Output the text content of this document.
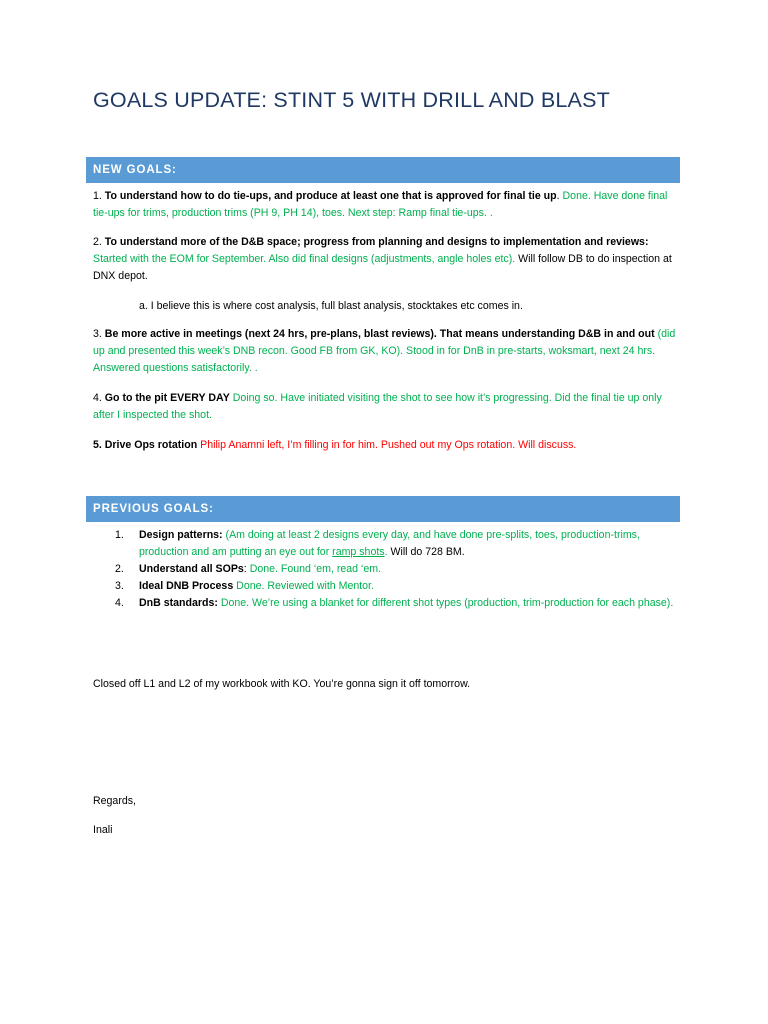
GOALS UPDATE: STINT 5 WITH DRILL AND BLAST
NEW GOALS:

1. To understand how to do tie-ups, and produce at least one that is approved for final tie up. Done. Have done final tie-ups for trims, production trims (PH 9, PH 14), toes. Next step: Ramp final tie-ups. .

2. To understand more of the D&B space; progress from planning and designs to implementation and reviews: Started with the EOM for September. Also did final designs (adjustments, angle holes etc). Will follow DB to do inspection at DNX depot.

a. I believe this is where cost analysis, full blast analysis, stocktakes etc comes in.

3. Be more active in meetings (next 24 hrs, pre-plans, blast reviews). That means understanding D&B in and out (did up and presented this week’s DNB recon. Good FB from GK, KO). Stood in for DnB in pre-starts, woksmart, next 24 hrs. Answered questions satisfactorily. .

4. Go to the pit EVERY DAY Doing so. Have initiated visiting the shot to see how it’s progressing. Did the final tie up only after I inspected the shot.

5. Drive Ops rotation Philip Anamni left, I’m filling in for him. Pushed out my Ops rotation. Will discuss.

PREVIOUS GOALS:
1. Design patterns: (Am doing at least 2 designs every day, and have done pre-splits, toes, production-trims, production and am putting an eye out for ramp shots. Will do 728 BM.
2. Understand all SOPs: Done. Found ‘em, read ‘em.
3. Ideal DNB Process Done. Reviewed with Mentor.
4. DnB standards: Done. We’re using a blanket for different shot types (production, trim-production for each phase).

Closed off L1 and L2 of my workbook with KO. You’re gonna sign it off tomorrow.

Regards,

Inali
